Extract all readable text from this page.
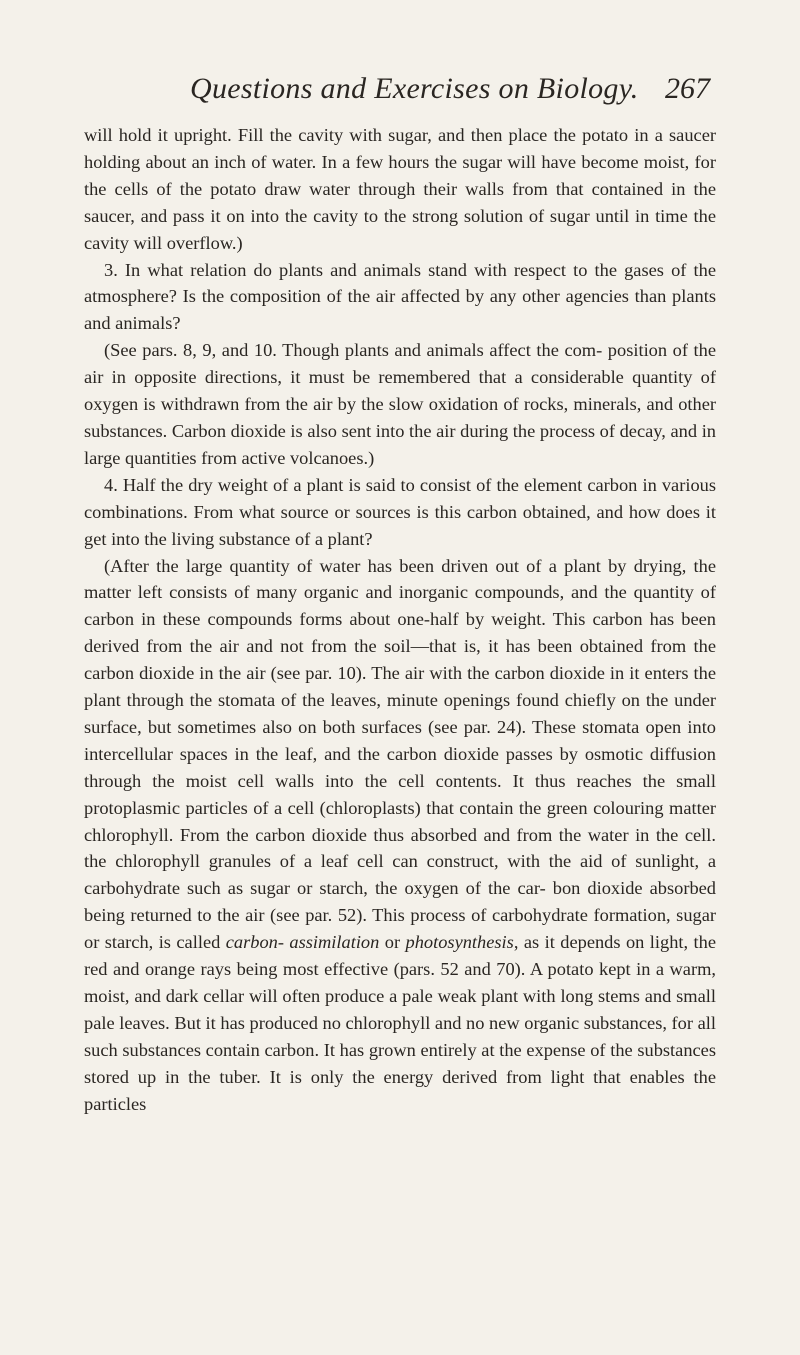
Questions and Exercises on Biology. 267

will hold it upright. Fill the cavity with sugar, and then place the potato in a saucer holding about an inch of water. In a few hours the sugar will have become moist, for the cells of the potato draw water through their walls from that contained in the saucer, and pass it on into the cavity to the strong solution of sugar until in time the cavity will overflow.)

3. In what relation do plants and animals stand with respect to the gases of the atmosphere? Is the composition of the air affected by any other agencies than plants and animals?

(See pars. 8, 9, and 10. Though plants and animals affect the com- position of the air in opposite directions, it must be remembered that a considerable quantity of oxygen is withdrawn from the air by the slow oxidation of rocks, minerals, and other substances. Carbon dioxide is also sent into the air during the process of decay, and in large quantities from active volcanoes.)

4. Half the dry weight of a plant is said to consist of the element carbon in various combinations. From what source or sources is this carbon obtained, and how does it get into the living substance of a plant?

(After the large quantity of water has been driven out of a plant by drying, the matter left consists of many organic and inorganic compounds, and the quantity of carbon in these compounds forms about one-half by weight. This carbon has been derived from the air and not from the soil—that is, it has been obtained from the carbon dioxide in the air (see par. 10). The air with the carbon dioxide in it enters the plant through the stomata of the leaves, minute openings found chiefly on the under surface, but sometimes also on both surfaces (see par. 24). These stomata open into intercellular spaces in the leaf, and the carbon dioxide passes by osmotic diffusion through the moist cell walls into the cell contents. It thus reaches the small protoplasmic particles of a cell (chloroplasts) that contain the green colouring matter chlorophyll. From the carbon dioxide thus absorbed and from the water in the cell. the chlorophyll granules of a leaf cell can construct, with the aid of sunlight, a carbohydrate such as sugar or starch, the oxygen of the car- bon dioxide absorbed being returned to the air (see par. 52). This process of carbohydrate formation, sugar or starch, is called carbon- assimilation or photosynthesis, as it depends on light, the red and orange rays being most effective (pars. 52 and 70). A potato kept in a warm, moist, and dark cellar will often produce a pale weak plant with long stems and small pale leaves. But it has produced no chlorophyll and no new organic substances, for all such substances contain carbon. It has grown entirely at the expense of the substances stored up in the tuber. It is only the energy derived from light that enables the particles
